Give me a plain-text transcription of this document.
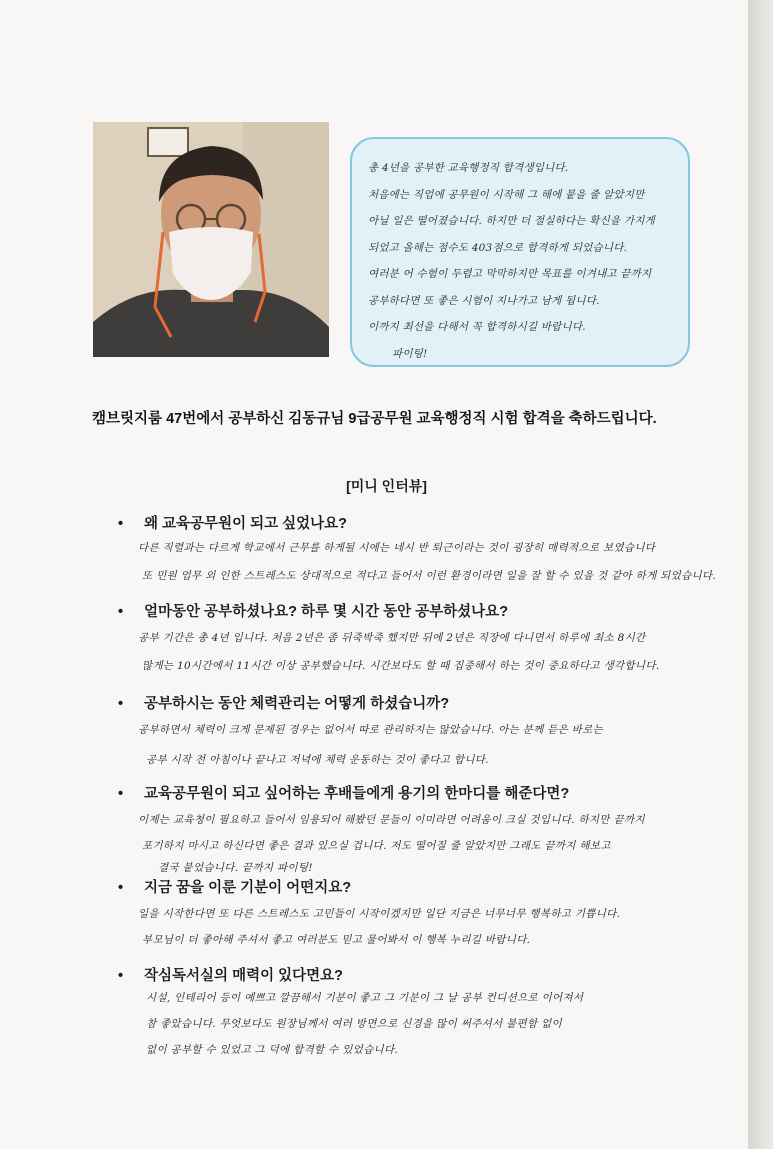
총 4년을 공부한 교육행정직 합격생입니다.
처음에는 직업에 공무원이 시작해 그 해에 붙을 줄 알았지만
아닐 일은 떨어졌습니다. 하지만 더 절실하다는 확신을 가지게
되었고 올해는 점수도 403점으로 합격하게 되었습니다.
여러분 어 수험이 두렵고 막막하지만 목표를 이겨내고 끝까지
공부하다면 또 좋은 시험이 지나가고 남게 됩니다.
이까지 최선을 다해서 꼭 합격하시길 바랍니다.
파이팅!
캠브릿지룸 47번에서 공부하신 김동규님 9급공무원 교육행정직 시험 합격을 축하드립니다.
[미니 인터뷰]
• 왜 교육공무원이 되고 싶었나요?
다른 직렬과는 다르게 학교에서 근무를 하게될 시에는 네시 반 퇴근이라는 것이 굉장히 매력적으로 보였습니다
또 민원 업무 외 인한 스트레스도 상대적으로 적다고 들어서 이런 환경이라면 일을 잘 할 수 있을 것 같아 하게 되었습니다.
• 얼마동안 공부하셨나요? 하루 몇 시간 동안 공부하셨나요?
공부 기간은 총 4년 입니다. 처음 2년은 좀 뒤죽박죽 했지만 뒤에 2년은 직장에 다니면서 하루에 최소 8시간
많게는 10시간에서 11시간 이상 공부했습니다. 시간보다도 할 때 집중해서 하는 것이 중요하다고 생각합니다.
• 공부하시는 동안 체력관리는 어떻게 하셨습니까?
공부하면서 체력이 크게 문제된 경우는 없어서 따로 관리하지는 않았습니다. 아는 분께 듣은 바로는
공부 시작 전 아침이나 끝나고 저녁에 체력 운동하는 것이 좋다고 합니다.
• 교육공무원이 되고 싶어하는 후배들에게 용기의 한마디를 해준다면?
이제는 교육청이 필요하고 들어서 임용되어 해봤던 문들이 이미라면 어려움이 크실 것입니다. 하지만 끝까지
포기하지 마시고 하신다면 좋은 결과 있으실 겁니다. 저도 떨어질 줄 알았지만 그래도 끝까지 해보고
결국 붙었습니다. 끝까지 파이팅!
• 지금 꿈을 이룬 기분이 어떤지요?
일을 시작한다면 또 다른 스트레스도 고민들이 시작이겠지만 일단 지금은 너무너무 행복하고 기쁩니다.
부모님이 더 좋아해 주셔서 좋고 여러분도 믿고 물어봐서 이 행복 누리길 바랍니다.
• 작심독서실의 매력이 있다면요?
시설, 인테리어 등이 예쁘고 깔끔해서 기분이 좋고 그 기분이 그 날 공부 컨디션으로 이어져서
참 좋았습니다. 무엇보다도 원장님께서 여러 방면으로 신경을 많이 써주셔서 불편함 없이
없이 공부할 수 있었고 그 덕에 합격할 수 있었습니다.
